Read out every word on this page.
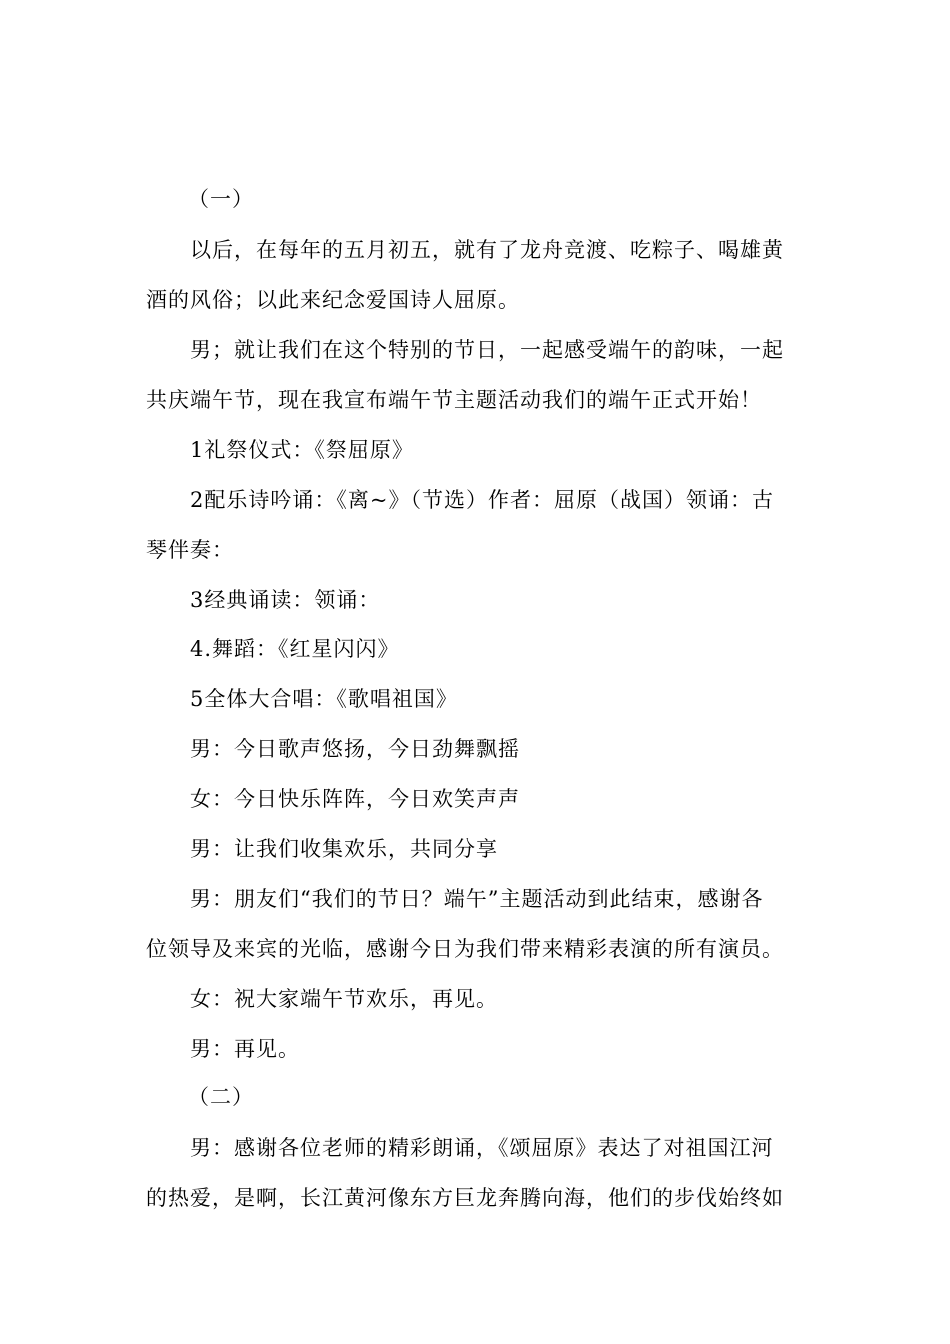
（一）
以后，在每年的五月初五，就有了龙舟竞渡、吃粽子、喝雄黄
酒的风俗；以此来纪念爱国诗人屈原。
男；就让我们在这个特别的节日，一起感受端午的韵味，一起
共庆端午节，现在我宣布端午节主题活动我们的端午正式开始！
1礼祭仪式：《祭屈原》
2配乐诗吟诵：《离~》（节选）作者：屈原（战国）领诵：古
琴伴奏：
3经典诵读：领诵：
4.舞蹈：《红星闪闪》
5全体大合唱：《歌唱祖国》
男：今日歌声悠扬，今日劲舞飘摇
女：今日快乐阵阵，今日欢笑声声
男：让我们收集欢乐，共同分享
男：朋友们“我们的节日？端午”主题活动到此结束，感谢各
位领导及来宾的光临，感谢今日为我们带来精彩表演的所有演员。
女：祝大家端午节欢乐，再见。
男：再见。
（二）
男：感谢各位老师的精彩朗诵，《颂屈原》表达了对祖国江河
的热爱，是啊，长江黄河像东方巨龙奔腾向海，他们的步伐始终如
